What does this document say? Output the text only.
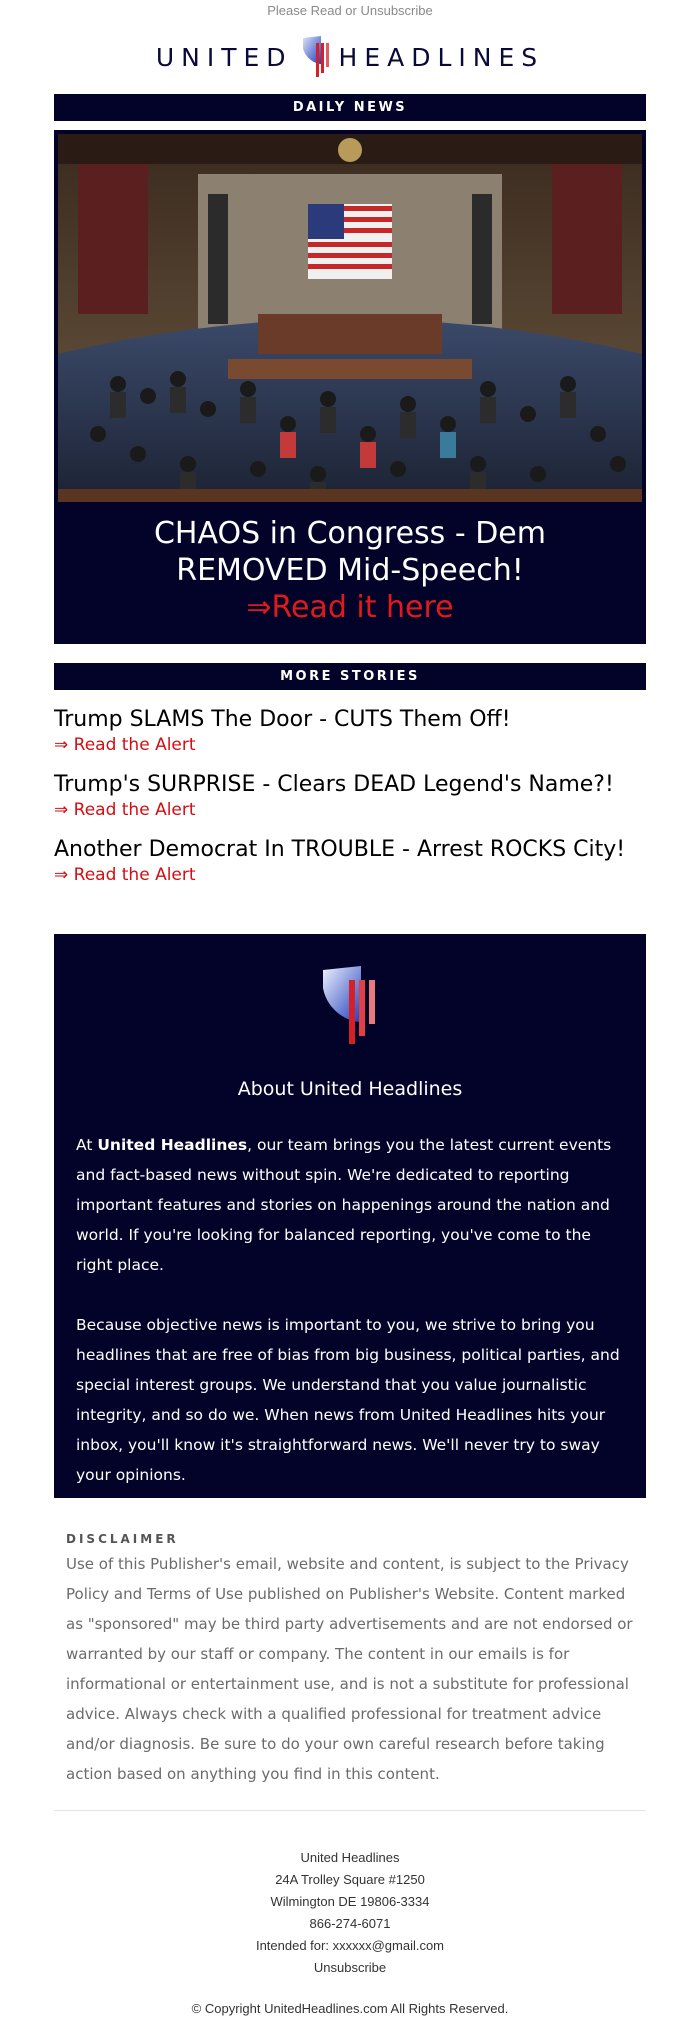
Please Read or Unsubscribe
UNITED HEADLINES
DAILY NEWS
CHAOS in Congress - Dem REMOVED Mid-Speech!
⇒Read it here
MORE STORIES
Trump SLAMS The Door - CUTS Them Off!
⇒ Read the Alert
Trump's SURPRISE - Clears DEAD Legend's Name?!
⇒ Read the Alert
Another Democrat In TROUBLE - Arrest ROCKS City!
⇒ Read the Alert
About United Headlines

At United Headlines, our team brings you the latest current events and fact-based news without spin. We're dedicated to reporting important features and stories on happenings around the nation and world. If you're looking for balanced reporting, you've come to the right place.

Because objective news is important to you, we strive to bring you headlines that are free of bias from big business, political parties, and special interest groups. We understand that you value journalistic integrity, and so do we. When news from United Headlines hits your inbox, you'll know it's straightforward news. We'll never try to sway your opinions.

DISCLAIMER
Use of this Publisher's email, website and content, is subject to the Privacy Policy and Terms of Use published on Publisher's Website. Content marked as "sponsored" may be third party advertisements and are not endorsed or warranted by our staff or company. The content in our emails is for informational or entertainment use, and is not a substitute for professional advice. Always check with a qualified professional for treatment advice and/or diagnosis. Be sure to do your own careful research before taking action based on anything you find in this content.
United Headlines
24A Trolley Square #1250
Wilmington DE 19806-3334
866-274-6071
Intended for: xxxxxx@gmail.com
Unsubscribe
© Copyright UnitedHeadlines.com All Rights Reserved.
